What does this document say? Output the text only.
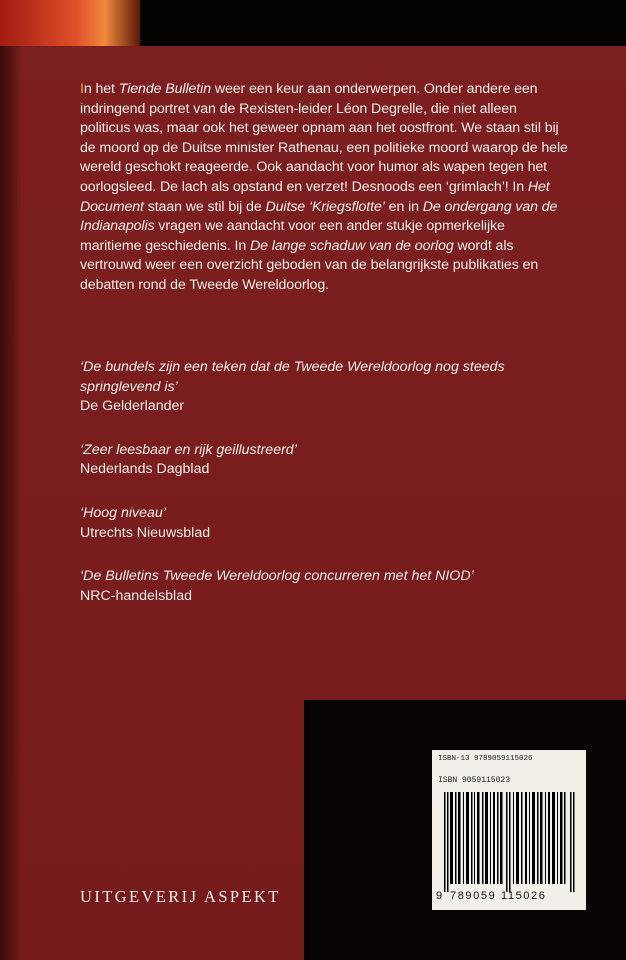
In het Tiende Bulletin weer een keur aan onderwerpen. Onder andere een indringend portret van de Rexisten-leider Léon Degrelle, die niet alleen politicus was, maar ook het geweer opnam aan het oostfront. We staan stil bij de moord op de Duitse minister Rathenau, een politieke moord waarop de hele wereld geschokt reageerde. Ook aandacht voor humor als wapen tegen het oorlogsleed. De lach als opstand en verzet! Desnoods een ‘grimlach’! In Het Document staan we stil bij de Duitse ‘Kriegsflotte’ en in De ondergang van de Indianapolis vragen we aandacht voor een ander stukje opmerkelijke maritieme geschiedenis. In De lange schaduw van de oorlog wordt als vertrouwd weer een overzicht geboden van de belangrijkste publikaties en debatten rond de Tweede Wereldoorlog.

‘De bundels zijn een teken dat de Tweede Wereldoorlog nog steeds springlevend is’
De Gelderlander
‘Zeer leesbaar en rijk geillustreerd’
Nederlands Dagblad
‘Hoog niveau’
Utrechts Nieuwsblad
‘De Bulletins Tweede Wereldoorlog concurreren met het NIOD’
NRC-handelsblad
ISBN-13 9789059115026
ISBN 9059115023
9 789059 115026
UITGEVERIJ ASPEKT
